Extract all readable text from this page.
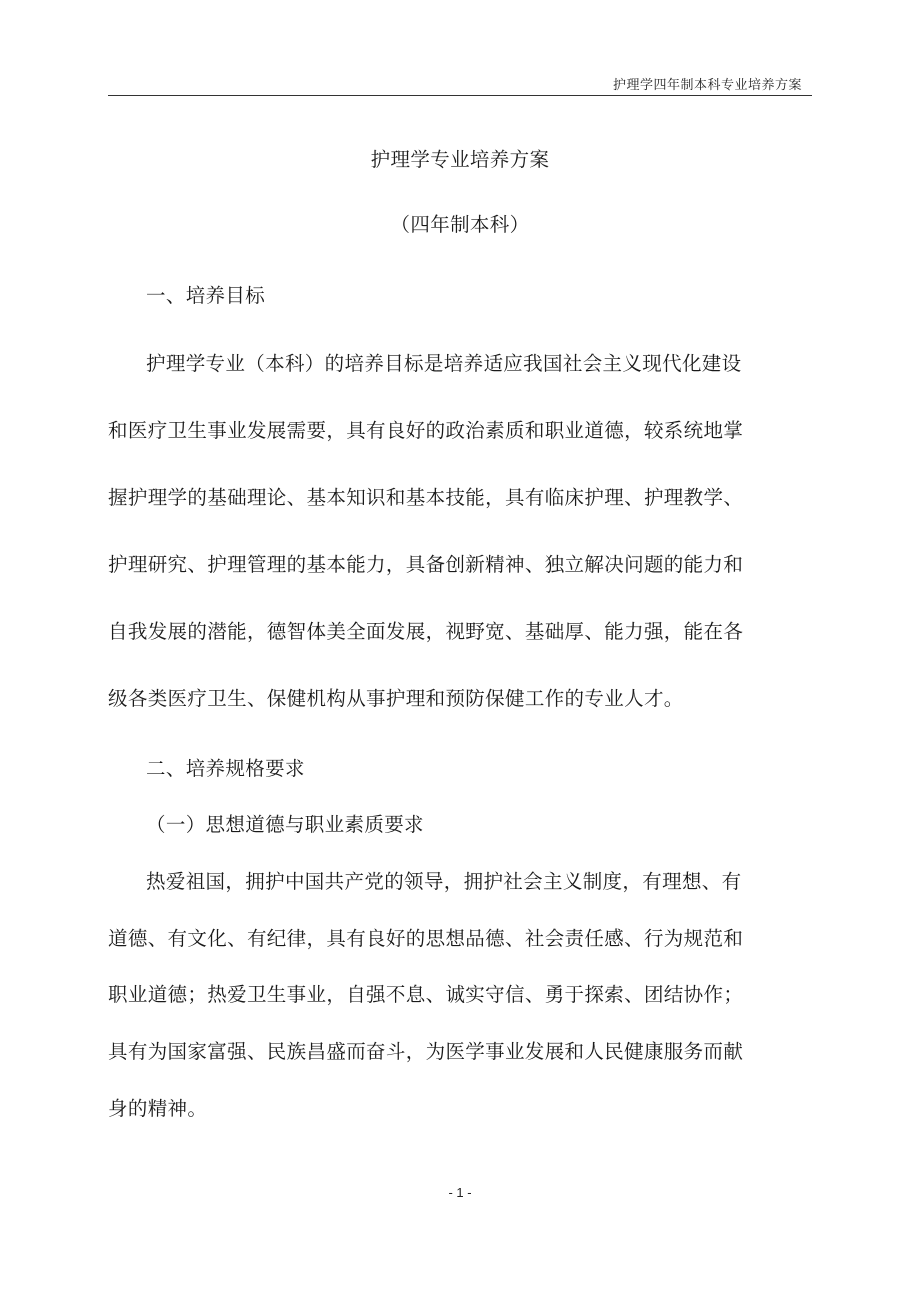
护理学四年制本科专业培养方案
护理学专业培养方案
（四年制本科）
一、培养目标
护理学专业（本科）的培养目标是培养适应我国社会主义现代化建设
和医疗卫生事业发展需要，具有良好的政治素质和职业道德，较系统地掌
握护理学的基础理论、基本知识和基本技能，具有临床护理、护理教学、
护理研究、护理管理的基本能力，具备创新精神、独立解决问题的能力和
自我发展的潜能，德智体美全面发展，视野宽、基础厚、能力强，能在各
级各类医疗卫生、保健机构从事护理和预防保健工作的专业人才。
二、培养规格要求
（一）思想道德与职业素质要求
热爱祖国，拥护中国共产党的领导，拥护社会主义制度，有理想、有
道德、有文化、有纪律，具有良好的思想品德、社会责任感、行为规范和
职业道德；热爱卫生事业，自强不息、诚实守信、勇于探索、团结协作；
具有为国家富强、民族昌盛而奋斗，为医学事业发展和人民健康服务而献
身的精神。
- 1 -
